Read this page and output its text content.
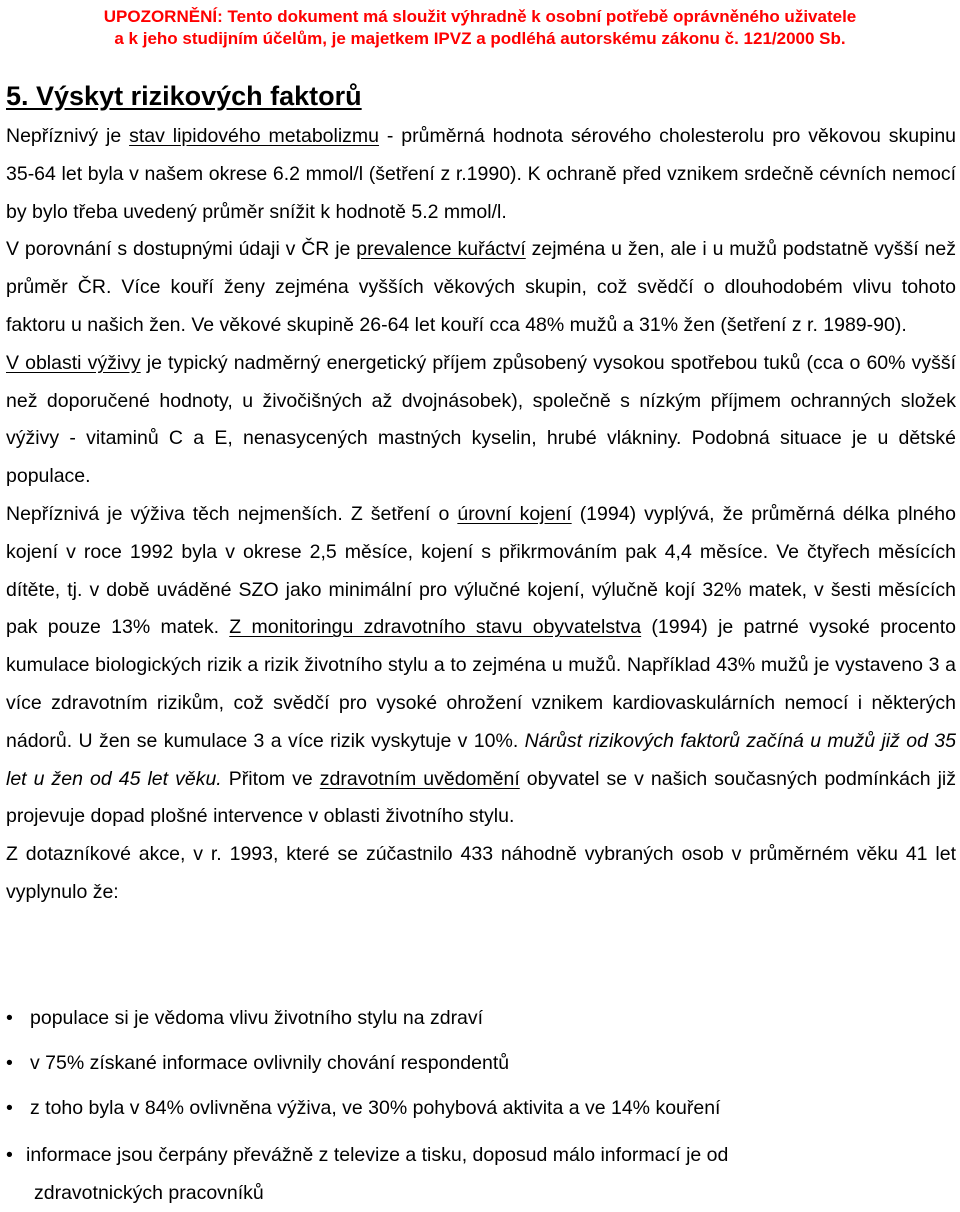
UPOZORNĚNÍ: Tento dokument má sloužit výhradně k osobní potřebě oprávněného uživatele
a k jeho studijním účelům, je majetkem IPVZ a podléhá autorskému zákonu č. 121/2000 Sb.
5. Výskyt rizikových faktorů

Nepříznivý je stav lipidového metabolizmu - průměrná hodnota sérového cholesterolu pro věkovou skupinu 35-64 let byla v našem okrese 6.2 mmol/l (šetření z r.1990). K ochraně před vznikem srdečně cévních nemocí by bylo třeba uvedený průměr snížit k hodnotě 5.2 mmol/l.

V porovnání s dostupnými údaji v ČR je prevalence kuřáctví zejména u žen, ale i u mužů podstatně vyšší než průměr ČR. Více kouří ženy zejména vyšších věkových skupin, což svědčí o dlouhodobém vlivu tohoto faktoru u našich žen. Ve věkové skupině 26-64 let kouří cca 48% mužů a 31% žen (šetření z r. 1989-90).

V oblasti výživy je typický nadměrný energetický příjem způsobený vysokou spotřebou tuků (cca o 60% vyšší než doporučené hodnoty, u živočišných až dvojnásobek), společně s nízkým příjmem ochranných složek výživy - vitaminů C a E, nenasycených mastných kyselin, hrubé vlákniny. Podobná situace je u dětské populace.

Nepříznivá je výživa těch nejmenších. Z šetření o úrovní kojení (1994) vyplývá, že průměrná délka plného kojení v roce 1992 byla v okrese 2,5 měsíce, kojení s přikrmováním pak 4,4 měsíce. Ve čtyřech měsících dítěte, tj. v době uváděné SZO jako minimální pro výlučné kojení, výlučně kojí 32% matek, v šesti měsících pak pouze 13% matek. Z monitoringu zdravotního stavu obyvatelstva (1994) je patrné vysoké procento kumulace biologických rizik a rizik životního stylu a to zejména u mužů. Například 43% mužů je vystaveno 3 a více zdravotním rizikům, což svědčí pro vysoké ohrožení vznikem kardiovaskulárních nemocí i některých nádorů. U žen se kumulace 3 a více rizik vyskytuje v 10%. Nárůst rizikových faktorů začíná u mužů již od 35 let u žen od 45 let věku. Přitom ve zdravotním uvědomění obyvatel se v našich současných podmínkách již projevuje dopad plošné intervence v oblasti životního stylu.

Z dotazníkové akce, v r. 1993, které se zúčastnilo 433 náhodně vybraných osob v průměrném věku 41 let vyplynulo že:

• populace si je vědoma vlivu životního stylu na zdraví
• v 75% získané informace ovlivnily chování respondentů
• z toho byla v 84% ovlivněna výživa, ve 30% pohybová aktivita a ve 14% kouření
• informace jsou čerpány převážně z televize a tisku, doposud málo informací je od
zdravotnických pracovníků
